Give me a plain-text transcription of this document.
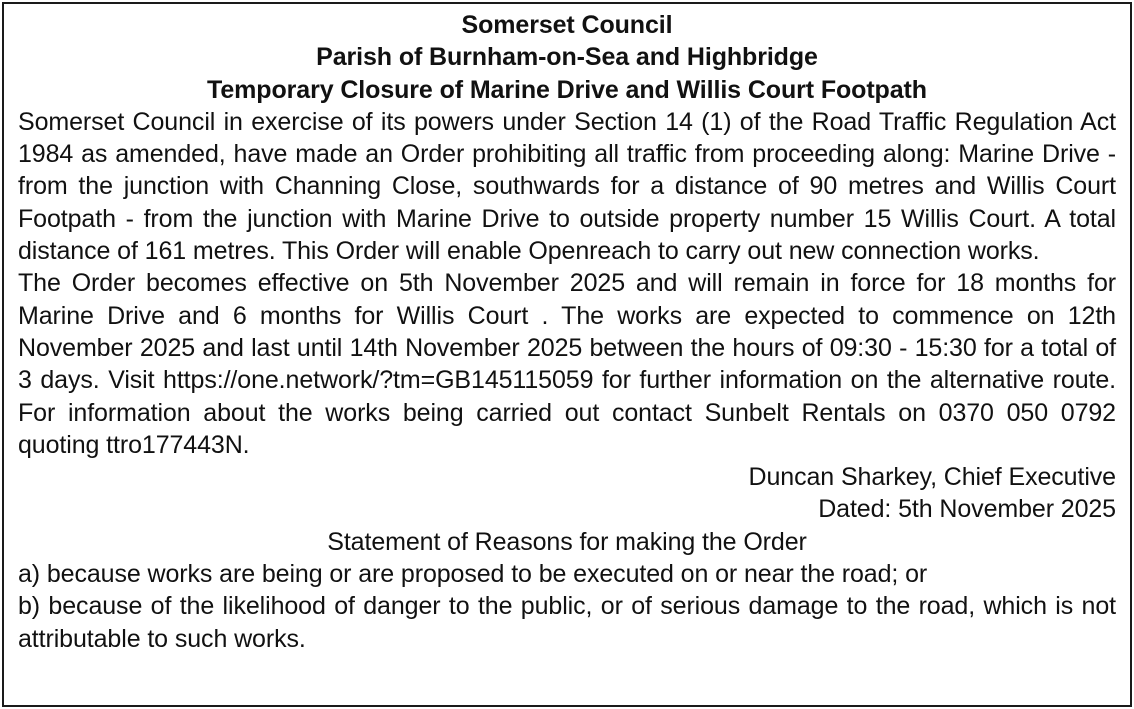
Somerset Council

Parish of Burnham-on-Sea and Highbridge

Temporary Closure of Marine Drive and Willis Court Footpath

Somerset Council in exercise of its powers under Section 14 (1) of the Road Traffic Regulation Act 1984 as amended, have made an Order prohibiting all traffic from proceeding along: Marine Drive - from the junction with Channing Close, southwards for a distance of 90 metres and Willis Court Footpath - from the junction with Marine Drive to outside property number 15 Willis Court. A total distance of 161 metres. This Order will enable Openreach to carry out new connection works.

The Order becomes effective on 5th November 2025 and will remain in force for 18 months for Marine Drive and 6 months for Willis Court . The works are expected to commence on 12th November 2025 and last until 14th November 2025 between the hours of 09:30 - 15:30 for a total of 3 days. Visit https://one.network/?tm=GB145115059 for further information on the alternative route. For information about the works being carried out contact Sunbelt Rentals on 0370 050 0792 quoting ttro177443N.

Duncan Sharkey, Chief Executive

Dated: 5th November 2025

Statement of Reasons for making the Order

a) because works are being or are proposed to be executed on or near the road; or

b) because of the likelihood of danger to the public, or of serious damage to the road, which is not attributable to such works.
